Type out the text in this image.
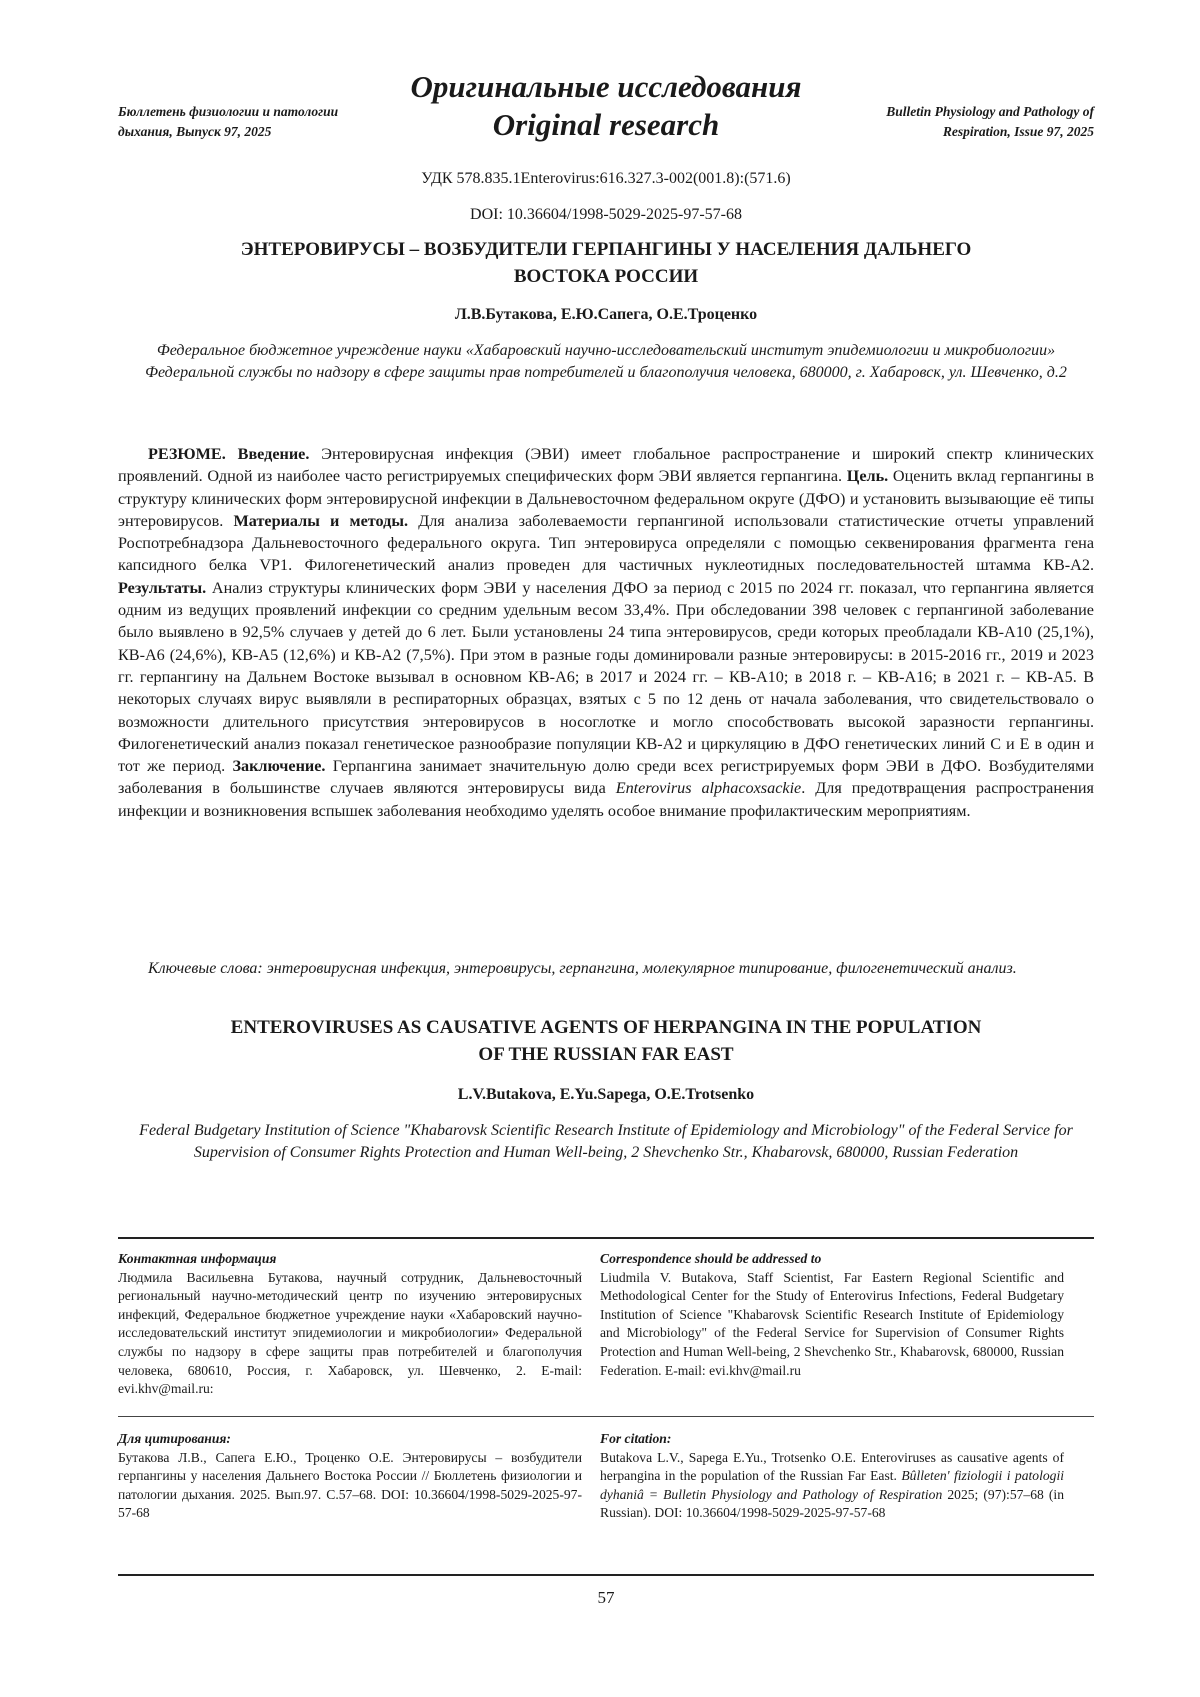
Бюллетень физиологии и патологии
дыхания, Выпуск 97, 2025
Оригинальные исследования
Original research	Bulletin Physiology and Pathology of
Respiration, Issue 97, 2025
УДК 578.835.1Enterovirus:616.327.3-002(001.8):(571.6)
DOI: 10.36604/1998-5029-2025-97-57-68
ЭНТЕРОВИРУСЫ – ВОЗБУДИТЕЛИ ГЕРПАНГИНЫ У НАСЕЛЕНИЯ ДАЛЬНЕГО
ВОСТОКА РОССИИ
Л.В.Бутакова, Е.Ю.Сапега, О.Е.Троценко
Федеральное бюджетное учреждение науки «Хабаровский научно-исследовательский институт эпидемиологии и микробиологии» Федеральной службы по надзору в сфере защиты прав потребителей и благополучия человека, 680000, г. Хабаровск, ул. Шевченко, д.2

РЕЗЮМЕ. Введение. Энтеровирусная инфекция (ЭВИ) имеет глобальное распространение и широкий спектр клинических проявлений. Одной из наиболее часто регистрируемых специфических форм ЭВИ является герпангина. Цель. Оценить вклад герпангины в структуру клинических форм энтеровирусной инфекции в Дальневосточном федеральном округе (ДФО) и установить вызывающие её типы энтеровирусов. Материалы и методы. Для анализа заболеваемости герпангиной использовали статистические отчеты управлений Роспотребнадзора Дальневосточного федерального округа. Тип энтеровируса определяли с помощью секвенирования фрагмента гена капсидного белка VP1. Филогенетический анализ проведен для частичных нуклеотидных последовательностей штамма КВ-А2. Результаты. Анализ структуры клинических форм ЭВИ у населения ДФО за период с 2015 по 2024 гг. показал, что герпангина является одним из ведущих проявлений инфекции со средним удельным весом 33,4%. При обследовании 398 человек с герпангиной заболевание было выявлено в 92,5% случаев у детей до 6 лет. Были установлены 24 типа энтеровирусов, среди которых преобладали КВ-А10 (25,1%), КВ-А6 (24,6%), КВ-А5 (12,6%) и КВ-А2 (7,5%). При этом в разные годы доминировали разные энтеровирусы: в 2015-2016 гг., 2019 и 2023 гг. герпангину на Дальнем Востоке вызывал в основном КВ-А6; в 2017 и 2024 гг. – КВ-А10; в 2018 г. – КВ-А16; в 2021 г. – КВ-А5. В некоторых случаях вирус выявляли в респираторных образцах, взятых с 5 по 12 день от начала заболевания, что свидетельствовало о возможности длительного присутствия энтеровирусов в носоглотке и могло способствовать высокой заразности герпангины. Филогенетический анализ показал генетическое разнообразие популяции КВ-А2 и циркуляцию в ДФО генетических линий С и Е в один и тот же период. Заключение. Герпангина занимает значительную долю среди всех регистрируемых форм ЭВИ в ДФО. Возбудителями заболевания в большинстве случаев являются энтеровирусы вида Enterovirus alphacoxsackie. Для предотвращения распространения инфекции и возникновения вспышек заболевания необходимо уделять особое внимание профилактическим мероприятиям.

Ключевые слова: энтеровирусная инфекция, энтеровирусы, герпангина, молекулярное типирование, филогенетический анализ.
ENTEROVIRUSES AS CAUSATIVE AGENTS OF HERPANGINA IN THE POPULATION
OF THE RUSSIAN FAR EAST
L.V.Butakova, E.Yu.Sapega, O.E.Trotsenko
Federal Budgetary Institution of Science "Khabarovsk Scientific Research Institute of Epidemiology and Microbiology" of the Federal Service for Supervision of Consumer Rights Protection and Human Well-being, 2 Shevchenko Str., Khabarovsk, 680000, Russian Federation
Контактная информация
Людмила Васильевна Бутакова, научный сотрудник, Дальневосточный региональный научно-методический центр по изучению энтеровирусных инфекций, Федеральное бюджетное учреждение науки «Хабаровский научно-исследовательский институт эпидемиологии и микробиологии» Федеральной службы по надзору в сфере защиты прав потребителей и благополучия человека, 680610, Россия, г. Хабаровск, ул. Шевченко, 2. E-mail: evi.khv@mail.ru:
Correspondence should be addressed to
Liudmila V. Butakova, Staff Scientist, Far Eastern Regional Scientific and Methodological Center for the Study of Enterovirus Infections, Federal Budgetary Institution of Science "Khabarovsk Scientific Research Institute of Epidemiology and Microbiology" of the Federal Service for Supervision of Consumer Rights Protection and Human Well-being, 2 Shevchenko Str., Khabarovsk, 680000, Russian Federation. E-mail: evi.khv@mail.ru
Для цитирования:
Бутакова Л.В., Сапега Е.Ю., Троценко О.Е. Энтеровирусы – возбудители герпангины у населения Дальнего Востока России // Бюллетень физиологии и патологии дыхания. 2025. Вып.97. С.57–68. DOI: 10.36604/1998-5029-2025-97-57-68
For citation:
Butakova L.V., Sapega E.Yu., Trotsenko O.E. Enteroviruses as causative agents of herpangina in the population of the Russian Far East. Bûlleten' fiziologii i patologii dyhaniâ = Bulletin Physiology and Pathology of Respiration 2025; (97):57–68 (in Russian). DOI: 10.36604/1998-5029-2025-97-57-68
57
